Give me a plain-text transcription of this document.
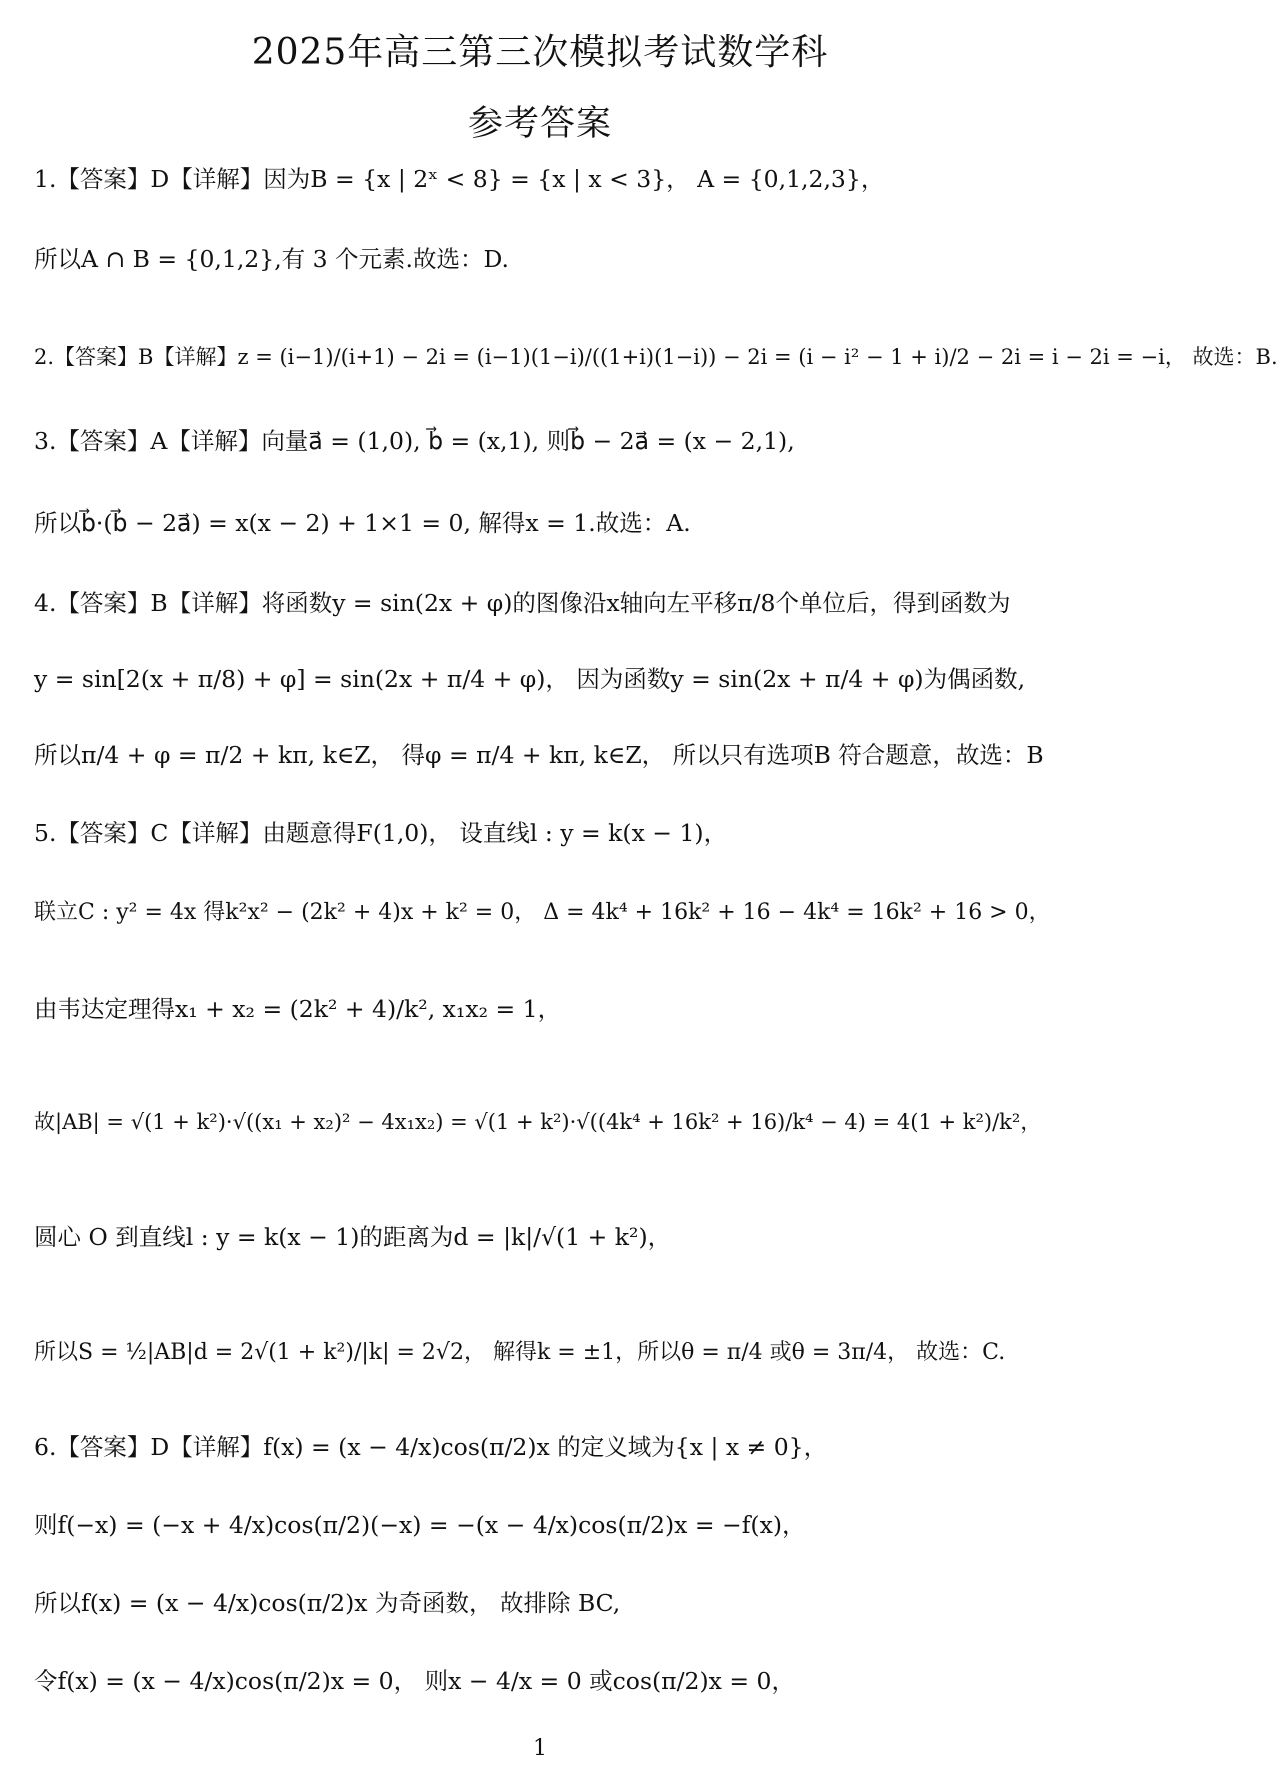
2025年高三第三次模拟考试数学科
参考答案
1.【答案】D【详解】因为B = {x | 2ˣ < 8} = {x | x < 3}， A = {0,1,2,3}，
所以A ∩ B = {0,1,2},有 3 个元素.故选：D.
2.【答案】B【详解】z = (i−1)/(i+1) − 2i = (i−1)(1−i)/((1+i)(1−i)) − 2i = (i − i² − 1 + i)/2 − 2i = i − 2i = −i， 故选：B.
3.【答案】A【详解】向量a⃗ = (1,0), b⃗ = (x,1), 则b⃗ − 2a⃗ = (x − 2,1),
所以b⃗·(b⃗ − 2a⃗) = x(x − 2) + 1×1 = 0, 解得x = 1.故选：A.
4.【答案】B【详解】将函数y = sin(2x + φ)的图像沿x轴向左平移π/8个单位后，得到函数为
y = sin[2(x + π/8) + φ] = sin(2x + π/4 + φ)， 因为函数y = sin(2x + π/4 + φ)为偶函数,
所以π/4 + φ = π/2 + kπ, k∈Z， 得φ = π/4 + kπ, k∈Z， 所以只有选项B 符合题意，故选：B
5.【答案】C【详解】由题意得F(1,0)， 设直线l : y = k(x − 1)，
联立C : y² = 4x 得k²x² − (2k² + 4)x + k² = 0， Δ = 4k⁴ + 16k² + 16 − 4k⁴ = 16k² + 16 > 0，
由韦达定理得x₁ + x₂ = (2k² + 4)/k², x₁x₂ = 1，
故|AB| = √(1 + k²)·√((x₁ + x₂)² − 4x₁x₂) = √(1 + k²)·√((4k⁴ + 16k² + 16)/k⁴ − 4) = 4(1 + k²)/k²，
圆心 O 到直线l : y = k(x − 1)的距离为d = |k|/√(1 + k²)，
所以S = ½|AB|d = 2√(1 + k²)/|k| = 2√2， 解得k = ±1，所以θ = π/4 或θ = 3π/4， 故选：C.
6.【答案】D【详解】f(x) = (x − 4/x)cos(π/2)x 的定义域为{x | x ≠ 0}，
则f(−x) = (−x + 4/x)cos(π/2)(−x) = −(x − 4/x)cos(π/2)x = −f(x)，
所以f(x) = (x − 4/x)cos(π/2)x 为奇函数， 故排除 BC,
令f(x) = (x − 4/x)cos(π/2)x = 0， 则x − 4/x = 0 或cos(π/2)x = 0，
1
